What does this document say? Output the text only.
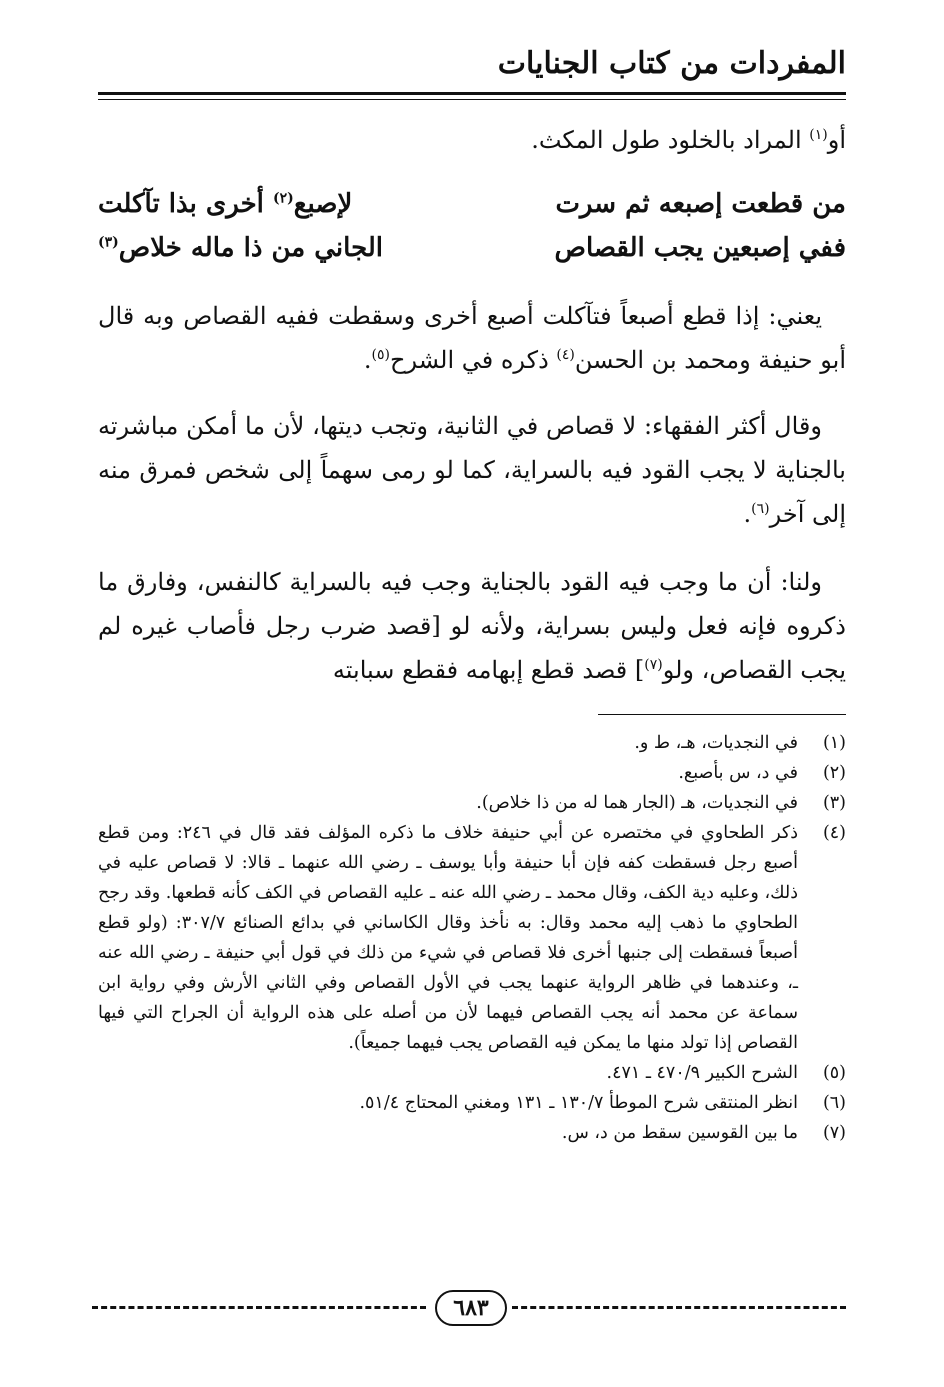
المفردات من كتاب الجنايات
أو$^{(١)}$ المراد بالخلود طول المكث.
من قطعت إصبعه ثم سرت
لإصبع$^{(٢)}$ أخرى بذا تآكلت
ففي إصبعين يجب القصاص
الجاني من ذا ماله خلاص$^{(٣)}$
يعني: إذا قطع أصبعاً فتآكلت أصبع أخرى وسقطت ففيه القصاص وبه قال أبو حنيفة ومحمد بن الحسن$^{(٤)}$ ذكره في الشرح$^{(٥)}$.
وقال أكثر الفقهاء: لا قصاص في الثانية، وتجب ديتها، لأن ما أمكن مباشرته بالجناية لا يجب القود فيه بالسراية، كما لو رمى سهماً إلى شخص فمرق منه إلى آخر$^{(٦)}$.
ولنا: أن ما وجب فيه القود بالجناية وجب فيه بالسراية كالنفس، وفارق ما ذكروه فإنه فعل وليس بسراية، ولأنه لو [قصد ضرب رجل فأصاب غيره لم يجب القصاص، ولو$^{(٧)}$] قصد قطع إبهامه فقطع سبابته
(١)
في النجديات، هـ، ط و.
(٢)
في د، س بأصبع.
(٣)
في النجديات، هـ (الجار هما له من ذا خلاص).
(٤)
ذكر الطحاوي في مختصره عن أبي حنيفة خلاف ما ذكره المؤلف فقد قال في ٢٤٦: ومن قطع أصبع رجل فسقطت كفه فإن أبا حنيفة وأبا يوسف ـ رضي الله عنهما ـ قالا: لا قصاص عليه في ذلك، وعليه دية الكف، وقال محمد ـ رضي الله عنه ـ عليه القصاص في الكف كأنه قطعها. وقد رجح الطحاوي ما ذهب إليه محمد وقال: به نأخذ وقال الكاساني في بدائع الصنائع ٣٠٧/٧: (ولو قطع أصبعاً فسقطت إلى جنبها أخرى فلا قصاص في شيء من ذلك في قول أبي حنيفة ـ رضي الله عنه ـ، وعندهما في ظاهر الرواية عنهما يجب في الأول القصاص وفي الثاني الأرش وفي رواية ابن سماعة عن محمد أنه يجب القصاص فيهما لأن من أصله على هذه الرواية أن الجراح التي فيها القصاص إذا تولد منها ما يمكن فيه القصاص يجب فيهما جميعاً).
(٥)
الشرح الكبير ٤٧٠/٩ ـ ٤٧١.
(٦)
انظر المنتقى شرح الموطأ ١٣٠/٧ ـ ١٣١ ومغني المحتاج ٥١/٤.
(٧)
ما بين القوسين سقط من د، س.
٦٨٣
